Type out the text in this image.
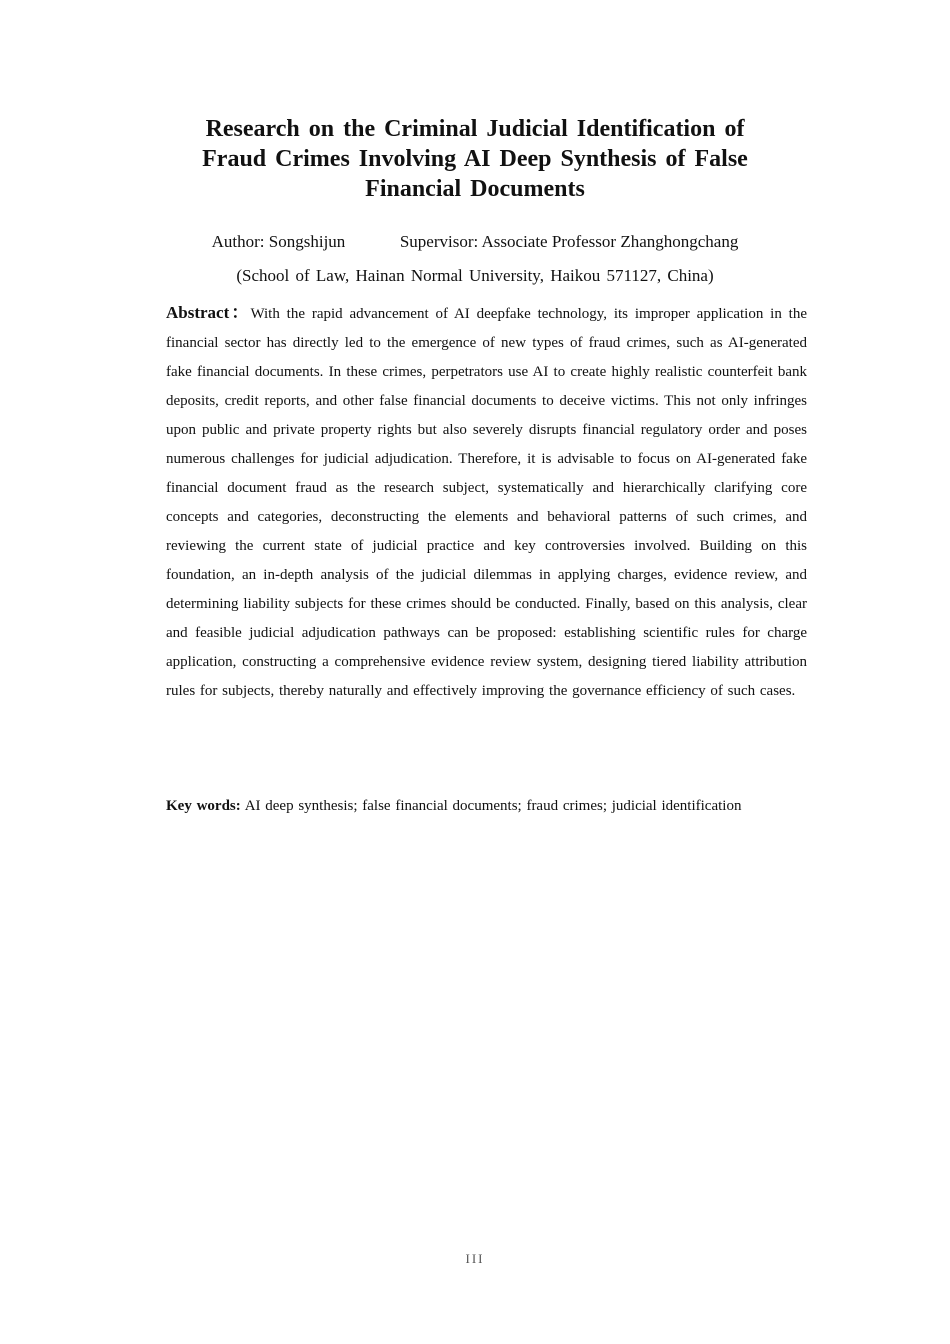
Research on the Criminal Judicial Identification of
Fraud Crimes Involving AI Deep Synthesis of False
Financial Documents
Author: Songshijun	Supervisor: Associate Professor Zhanghongchang
(School of Law, Hainan Normal University, Haikou 571127, China)

Abstract：With the rapid advancement of AI deepfake technology, its improper application in the financial sector has directly led to the emergence of new types of fraud crimes, such as AI-generated fake financial documents. In these crimes, perpetrators use AI to create highly realistic counterfeit bank deposits, credit reports, and other false financial documents to deceive victims. This not only infringes upon public and private property rights but also severely disrupts financial regulatory order and poses numerous challenges for judicial adjudication. Therefore, it is advisable to focus on AI-generated fake financial document fraud as the research subject, systematically and hierarchically clarifying core concepts and categories, deconstructing the elements and behavioral patterns of such crimes, and reviewing the current state of judicial practice and key controversies involved. Building on this foundation, an in-depth analysis of the judicial dilemmas in applying charges, evidence review, and determining liability subjects for these crimes should be conducted. Finally, based on this analysis, clear and feasible judicial adjudication pathways can be proposed: establishing scientific rules for charge application, constructing a comprehensive evidence review system, designing tiered liability attribution rules for subjects, thereby naturally and effectively improving the governance efficiency of such cases.

Key words: AI deep synthesis; false financial documents; fraud crimes; judicial identification

III
